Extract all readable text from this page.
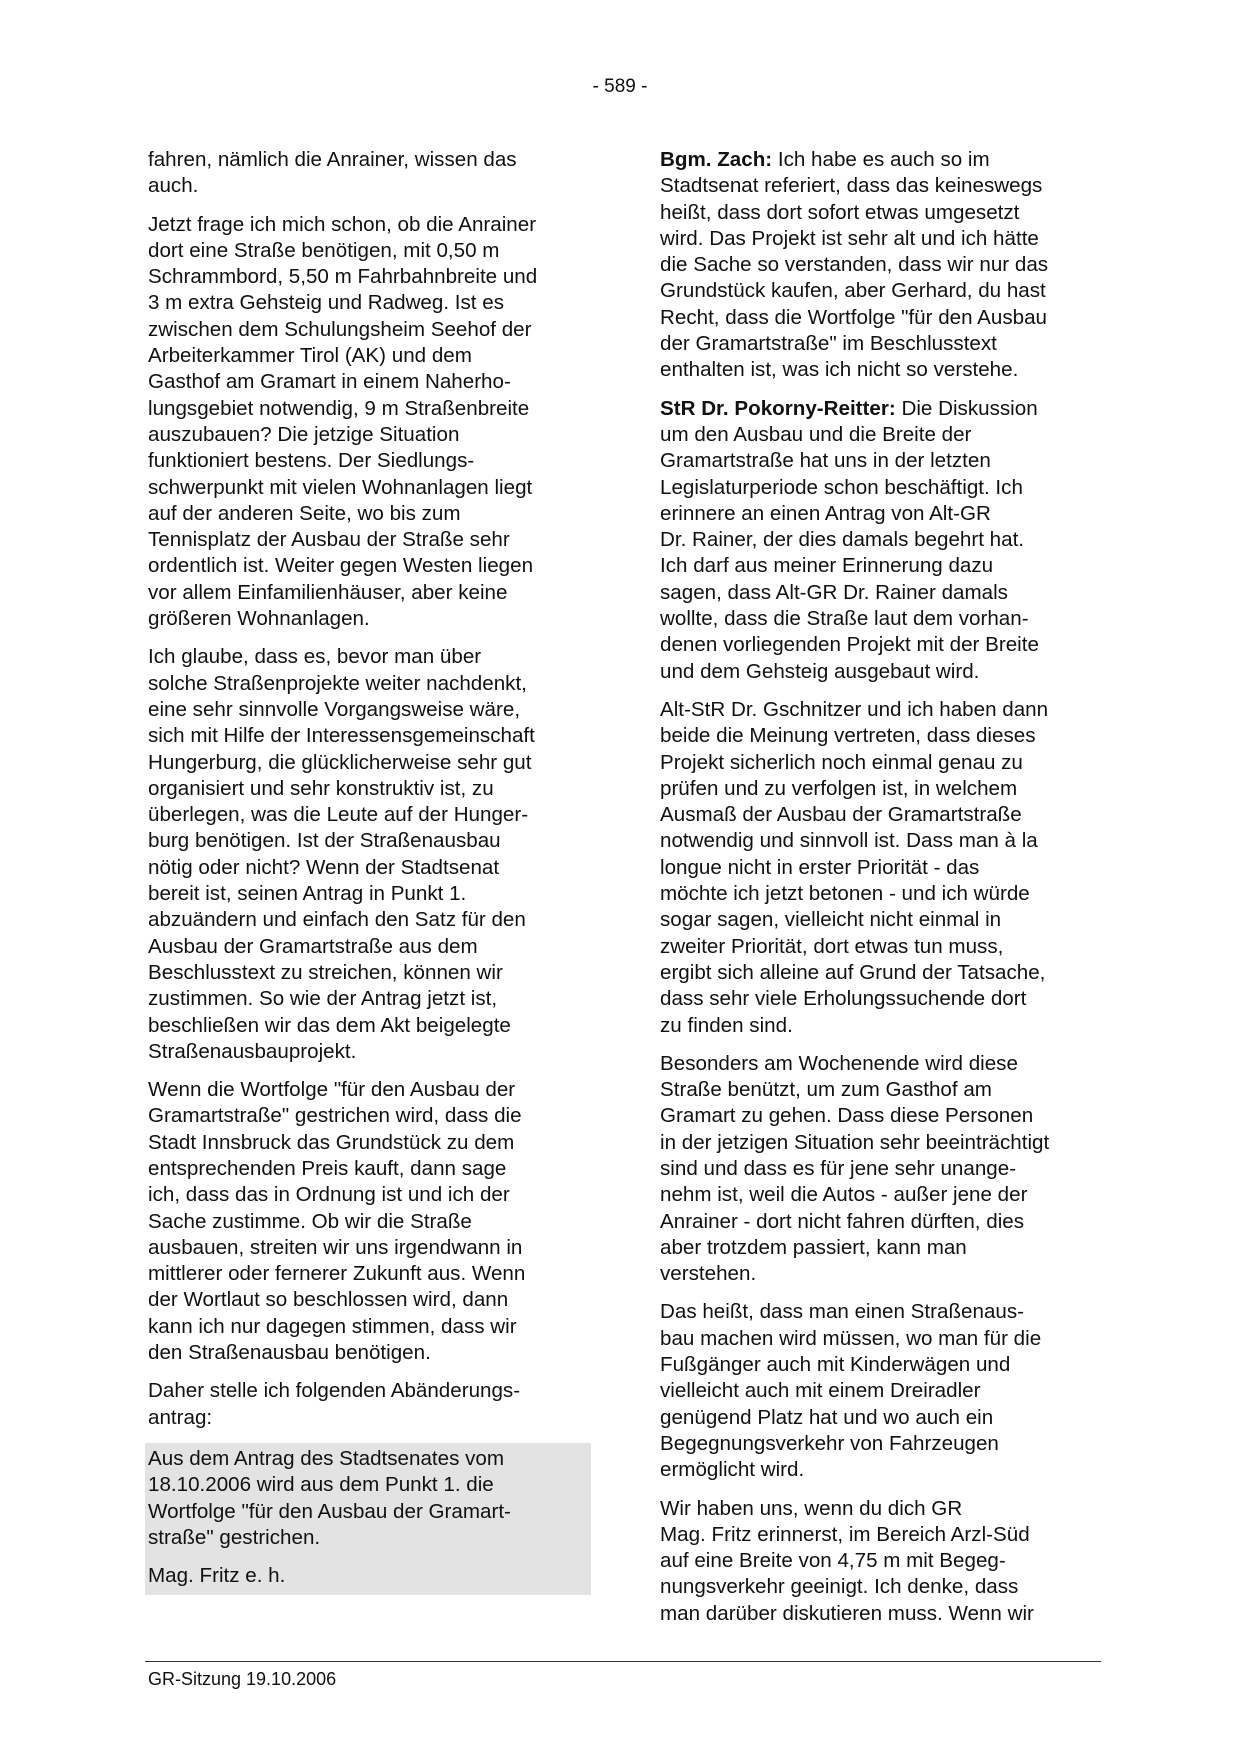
- 589 -
fahren, nämlich die Anrainer, wissen das
auch.
Jetzt frage ich mich schon, ob die Anrainer
dort eine Straße benötigen, mit 0,50 m
Schrammbord, 5,50 m Fahrbahnbreite und
3 m extra Gehsteig und Radweg. Ist es
zwischen dem Schulungsheim Seehof der
Arbeiterkammer Tirol (AK) und dem
Gasthof am Gramart in einem Naherho-
lungsgebiet notwendig, 9 m Straßenbreite
auszubauen? Die jetzige Situation
funktioniert bestens. Der Siedlungs-
schwerpunkt mit vielen Wohnanlagen liegt
auf der anderen Seite, wo bis zum
Tennisplatz der Ausbau der Straße sehr
ordentlich ist. Weiter gegen Westen liegen
vor allem Einfamilienhäuser, aber keine
größeren Wohnanlagen.
Ich glaube, dass es, bevor man über
solche Straßenprojekte weiter nachdenkt,
eine sehr sinnvolle Vorgangsweise wäre,
sich mit Hilfe der Interessensgemeinschaft
Hungerburg, die glücklicherweise sehr gut
organisiert und sehr konstruktiv ist, zu
überlegen, was die Leute auf der Hunger-
burg benötigen. Ist der Straßenausbau
nötig oder nicht? Wenn der Stadtsenat
bereit ist, seinen Antrag in Punkt 1.
abzuändern und einfach den Satz für den
Ausbau der Gramartstraße aus dem
Beschlusstext zu streichen, können wir
zustimmen. So wie der Antrag jetzt ist,
beschließen wir das dem Akt beigelegte
Straßenausbauprojekt.
Wenn die Wortfolge "für den Ausbau der
Gramartstraße" gestrichen wird, dass die
Stadt Innsbruck das Grundstück zu dem
entsprechenden Preis kauft, dann sage
ich, dass das in Ordnung ist und ich der
Sache zustimme. Ob wir die Straße
ausbauen, streiten wir uns irgendwann in
mittlerer oder fernerer Zukunft aus. Wenn
der Wortlaut so beschlossen wird, dann
kann ich nur dagegen stimmen, dass wir
den Straßenausbau benötigen.
Daher stelle ich folgenden Abänderungs-
antrag:
Aus dem Antrag des Stadtsenates vom
18.10.2006 wird aus dem Punkt 1. die
Wortfolge "für den Ausbau der Gramart-
straße" gestrichen.
Mag. Fritz e. h.
Bgm. Zach: Ich habe es auch so im
Stadtsenat referiert, dass das keineswegs
heißt, dass dort sofort etwas umgesetzt
wird. Das Projekt ist sehr alt und ich hätte
die Sache so verstanden, dass wir nur das
Grundstück kaufen, aber Gerhard, du hast
Recht, dass die Wortfolge "für den Ausbau
der Gramartstraße" im Beschlusstext
enthalten ist, was ich nicht so verstehe.
StR Dr. Pokorny-Reitter: Die Diskussion
um den Ausbau und die Breite der
Gramartstraße hat uns in der letzten
Legislaturperiode schon beschäftigt. Ich
erinnere an einen Antrag von Alt-GR
Dr. Rainer, der dies damals begehrt hat.
Ich darf aus meiner Erinnerung dazu
sagen, dass Alt-GR Dr. Rainer damals
wollte, dass die Straße laut dem vorhan-
denen vorliegenden Projekt mit der Breite
und dem Gehsteig ausgebaut wird.
Alt-StR Dr. Gschnitzer und ich haben dann
beide die Meinung vertreten, dass dieses
Projekt sicherlich noch einmal genau zu
prüfen und zu verfolgen ist, in welchem
Ausmaß der Ausbau der Gramartstraße
notwendig und sinnvoll ist. Dass man à la
longue nicht in erster Priorität - das
möchte ich jetzt betonen - und ich würde
sogar sagen, vielleicht nicht einmal in
zweiter Priorität, dort etwas tun muss,
ergibt sich alleine auf Grund der Tatsache,
dass sehr viele Erholungssuchende dort
zu finden sind.
Besonders am Wochenende wird diese
Straße benützt, um zum Gasthof am
Gramart zu gehen. Dass diese Personen
in der jetzigen Situation sehr beeinträchtigt
sind und dass es für jene sehr unange-
nehm ist, weil die Autos - außer jene der
Anrainer - dort nicht fahren dürften, dies
aber trotzdem passiert, kann man
verstehen.
Das heißt, dass man einen Straßenaus-
bau machen wird müssen, wo man für die
Fußgänger auch mit Kinderwägen und
vielleicht auch mit einem Dreiradler
genügend Platz hat und wo auch ein
Begegnungsverkehr von Fahrzeugen
ermöglicht wird.
Wir haben uns, wenn du dich GR
Mag. Fritz erinnerst, im Bereich Arzl-Süd
auf eine Breite von 4,75 m mit Begeg-
nungsverkehr geeinigt. Ich denke, dass
man darüber diskutieren muss. Wenn wir
GR-Sitzung 19.10.2006
